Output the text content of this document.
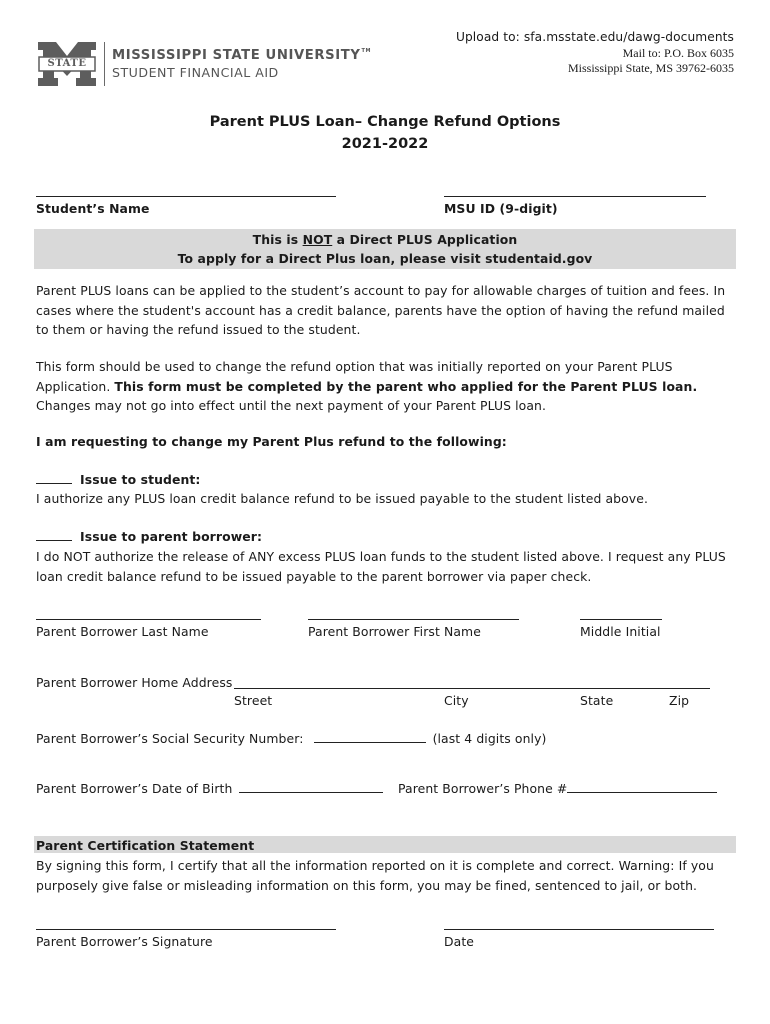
Upload to: sfa.msstate.edu/dawg-documents
Mail to: P.O. Box 6035
Mississippi State, MS 39762-6035
STATE
MISSISSIPPI STATE UNIVERSITY™
STUDENT FINANCIAL AID
Parent PLUS Loan– Change Refund Options
2021-2022
Student’s Name	MSU ID (9-digit)
This is NOT a Direct PLUS Application
To apply for a Direct Plus loan, please visit studentaid.gov
Parent PLUS loans can be applied to the student’s account to pay for allowable charges of tuition and fees. In cases where the student's account has a credit balance, parents have the option of having the refund mailed to them or having the refund issued to the student.
This form should be used to change the refund option that was initially reported on your Parent PLUS Application. This form must be completed by the parent who applied for the Parent PLUS loan. Changes may not go into effect until the next payment of your Parent PLUS loan.
I am requesting to change my Parent Plus refund to the following:
Issue to student:
I authorize any PLUS loan credit balance refund to be issued payable to the student listed above.
Issue to parent borrower:
I do NOT authorize the release of ANY excess PLUS loan funds to the student listed above. I request any PLUS loan credit balance refund to be issued payable to the parent borrower via paper check.
Parent Borrower Last Name	Parent Borrower First Name	Middle Initial
Parent Borrower Home Address
Street	City	State	Zip
Parent Borrower’s Social Security Number:	(last 4 digits only)
Parent Borrower’s Date of Birth	Parent Borrower’s Phone #
Parent Certification Statement
By signing this form, I certify that all the information reported on it is complete and correct. Warning: If you purposely give false or misleading information on this form, you may be fined, sentenced to jail, or both.
Parent Borrower’s Signature	Date
